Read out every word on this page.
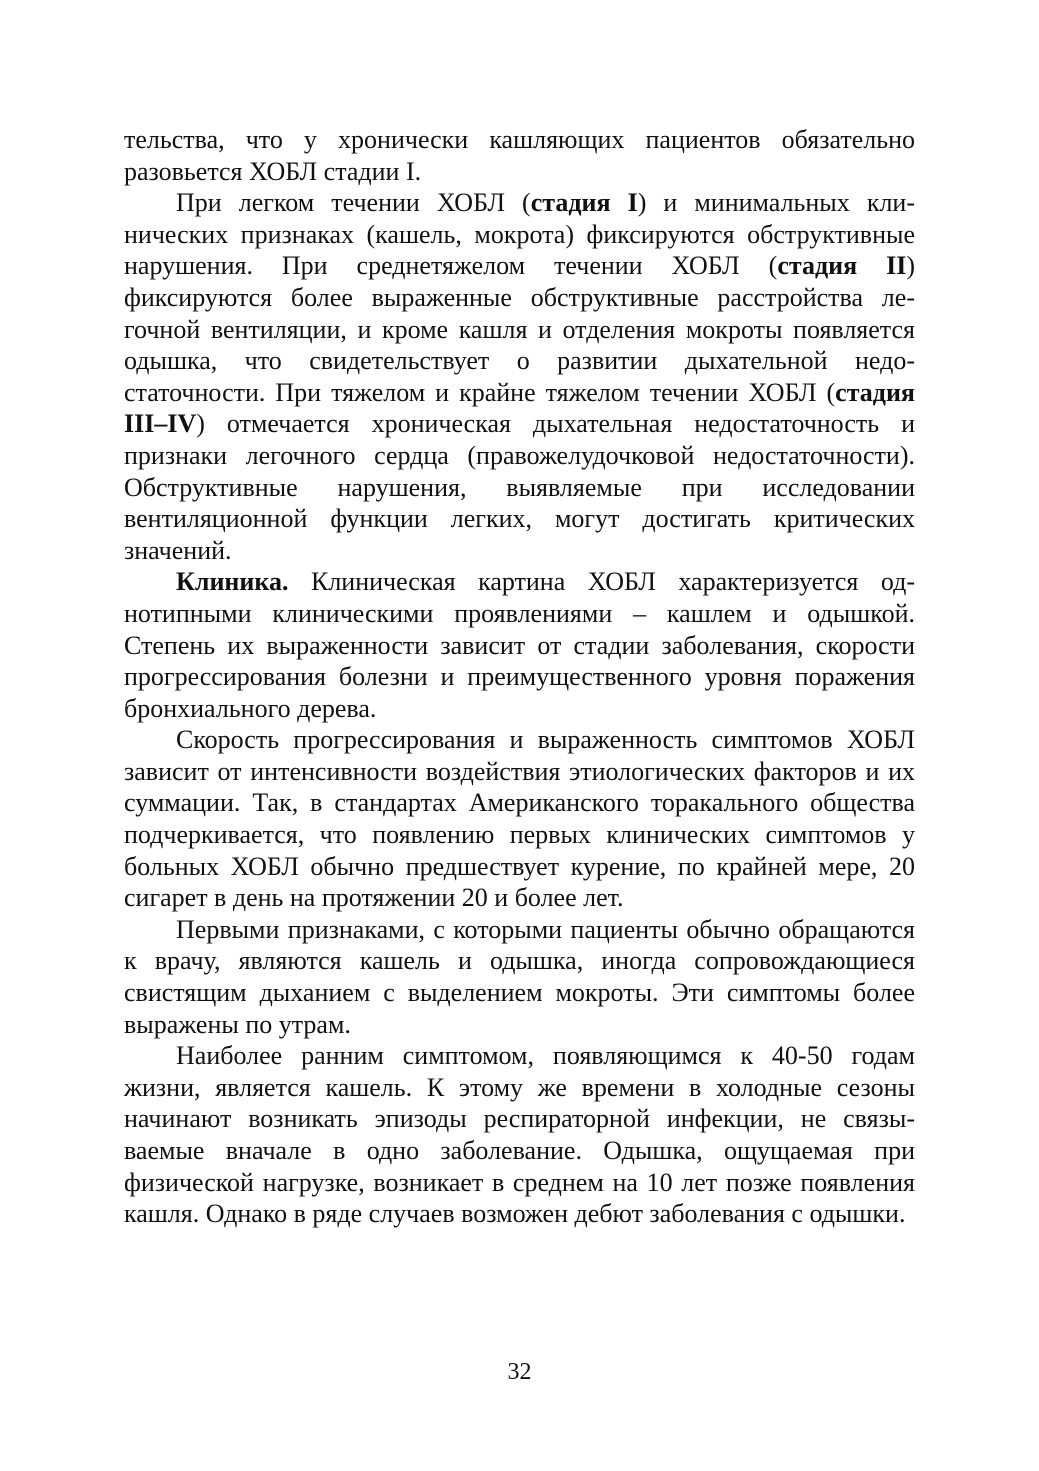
тельства, что у хронически кашляющих пациентов обязательно разовьется ХОБЛ стадии I.

При легком течении ХОБЛ (стадия I) и минимальных клинических признаках (кашель, мокрота) фиксируются обструктивные нарушения. При среднетяжелом течении ХОБЛ (стадия II) фиксируются более выраженные обструктивные расстройства легочной вентиляции, и кроме кашля и отделения мокроты появляется одышка, что свидетельствует о развитии дыхательной недостаточности. При тяжелом и крайне тяжелом течении ХОБЛ (стадия III–IV) отмечается хроническая дыхательная недостаточность и признаки легочного сердца (правожелудочковой недостаточности). Обструктивные нарушения, выявляемые при исследовании вентиляционной функции легких, могут достигать критических значений.

Клиника. Клиническая картина ХОБЛ характеризуется однотипными клиническими проявлениями – кашлем и одышкой. Степень их выраженности зависит от стадии заболевания, скорости прогрессирования болезни и преимущественного уровня поражения бронхиального дерева.

Скорость прогрессирования и выраженность симптомов ХОБЛ зависит от интенсивности воздействия этиологических факторов и их суммации. Так, в стандартах Американского торакального общества подчеркивается, что появлению первых клинических симптомов у больных ХОБЛ обычно предшествует курение, по крайней мере, 20 сигарет в день на протяжении 20 и более лет.

Первыми признаками, с которыми пациенты обычно обращаются к врачу, являются кашель и одышка, иногда сопровождающиеся свистящим дыханием с выделением мокроты. Эти симптомы более выражены по утрам.

Наиболее ранним симптомом, появляющимся к 40-50 годам жизни, является кашель. К этому же времени в холодные сезоны начинают возникать эпизоды респираторной инфекции, не связываемые вначале в одно заболевание. Одышка, ощущаемая при физической нагрузке, возникает в среднем на 10 лет позже появления кашля. Однако в ряде случаев возможен дебют заболевания с одышки.

32
